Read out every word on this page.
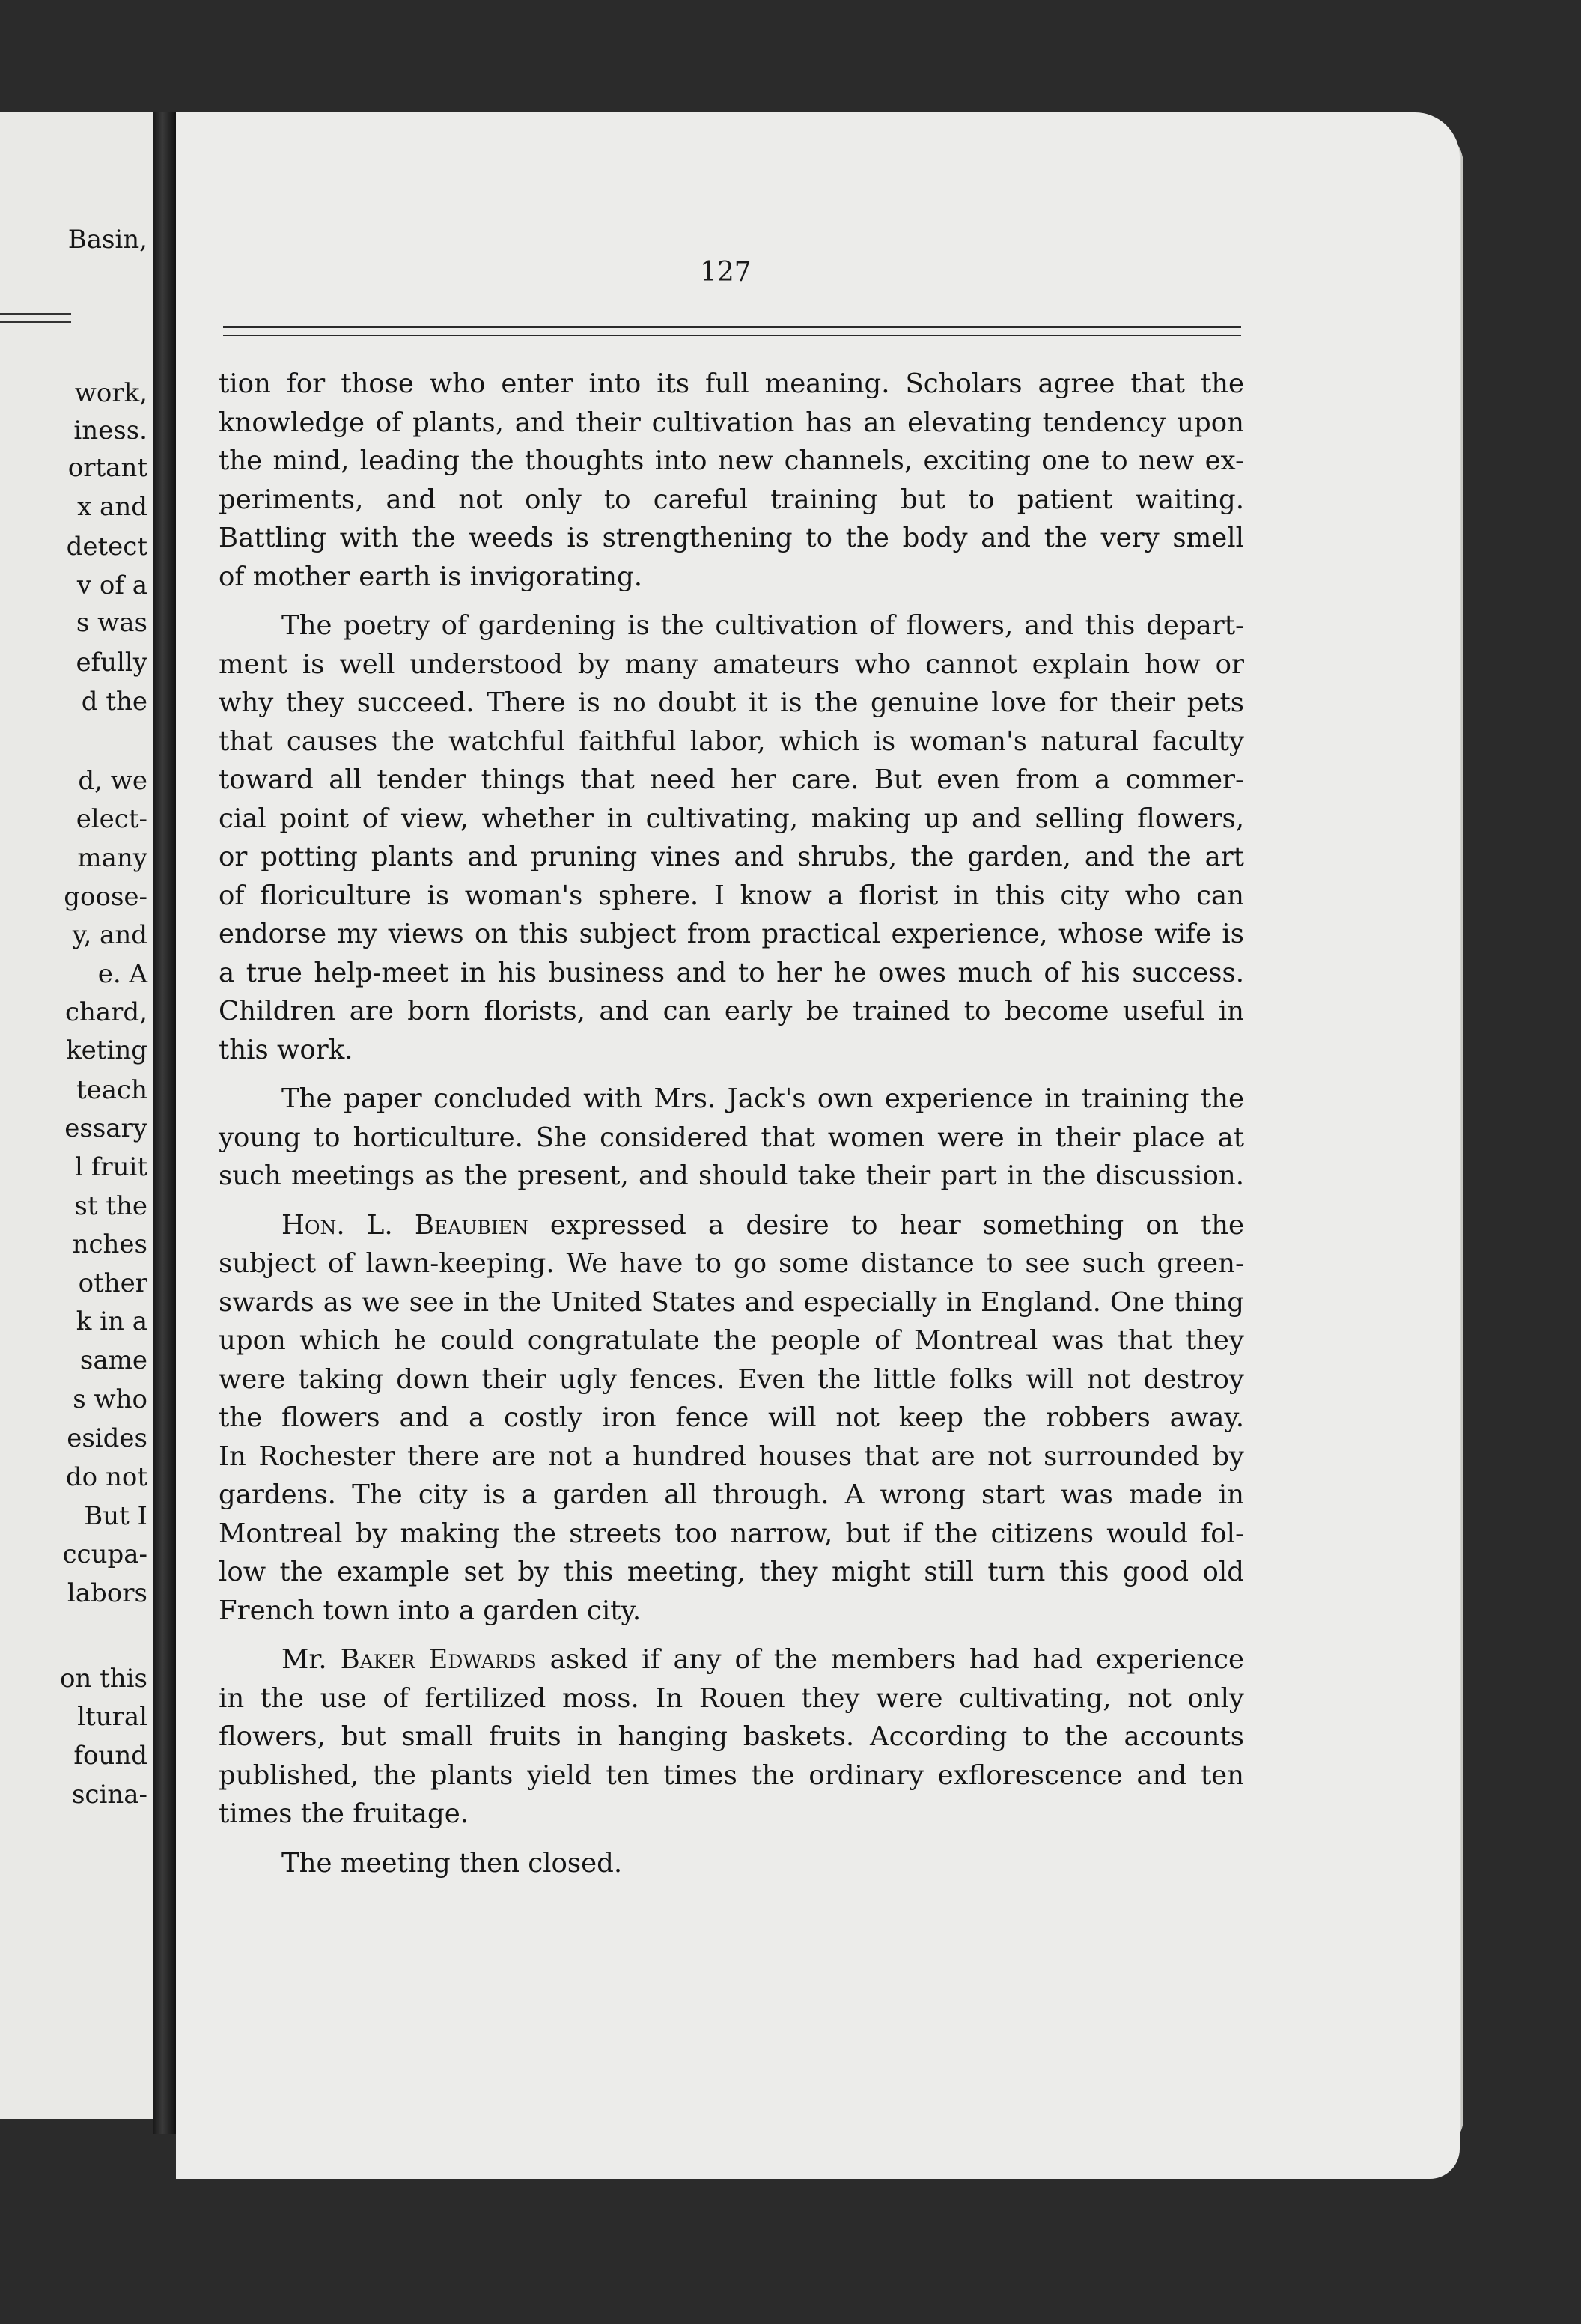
Basin,
work,
iness.
ortant
x and
detect
v of a
s was
efully
d the
d, we
elect-
many
goose-
y, and
e. A
chard,
keting
teach
essary
l fruit
st the
nches
other
k in a
same
s who
esides
do not
But I
ccupa-
labors
on this
ltural
found
scina-
127
tion for those who enter into its full meaning. Scholars agree that the
knowledge of plants, and their cultivation has an elevating tendency upon
the mind, leading the thoughts into new channels, exciting one to new ex-
periments, and not only to careful training but to patient waiting.
Battling with the weeds is strengthening to the body and the very smell
of mother earth is invigorating.
The poetry of gardening is the cultivation of flowers, and this depart-
ment is well understood by many amateurs who cannot explain how or
why they succeed. There is no doubt it is the genuine love for their pets
that causes the watchful faithful labor, which is woman's natural faculty
toward all tender things that need her care. But even from a commer-
cial point of view, whether in cultivating, making up and selling flowers,
or potting plants and pruning vines and shrubs, the garden, and the art
of floriculture is woman's sphere. I know a florist in this city who can
endorse my views on this subject from practical experience, whose wife is
a true help-meet in his business and to her he owes much of his success.
Children are born florists, and can early be trained to become useful in
this work.
The paper concluded with Mrs. Jack's own experience in training the
young to horticulture. She considered that women were in their place at
such meetings as the present, and should take their part in the discussion.
Hon. L. Beaubien expressed a desire to hear something on the
subject of lawn-keeping. We have to go some distance to see such green-
swards as we see in the United States and especially in England. One thing
upon which he could congratulate the people of Montreal was that they
were taking down their ugly fences. Even the little folks will not destroy
the flowers and a costly iron fence will not keep the robbers away.
In Rochester there are not a hundred houses that are not surrounded by
gardens. The city is a garden all through. A wrong start was made in
Montreal by making the streets too narrow, but if the citizens would fol-
low the example set by this meeting, they might still turn this good old
French town into a garden city.
Mr. Baker Edwards asked if any of the members had had experience
in the use of fertilized moss. In Rouen they were cultivating, not only
flowers, but small fruits in hanging baskets. According to the accounts
published, the plants yield ten times the ordinary exflorescence and ten
times the fruitage.
The meeting then closed.
